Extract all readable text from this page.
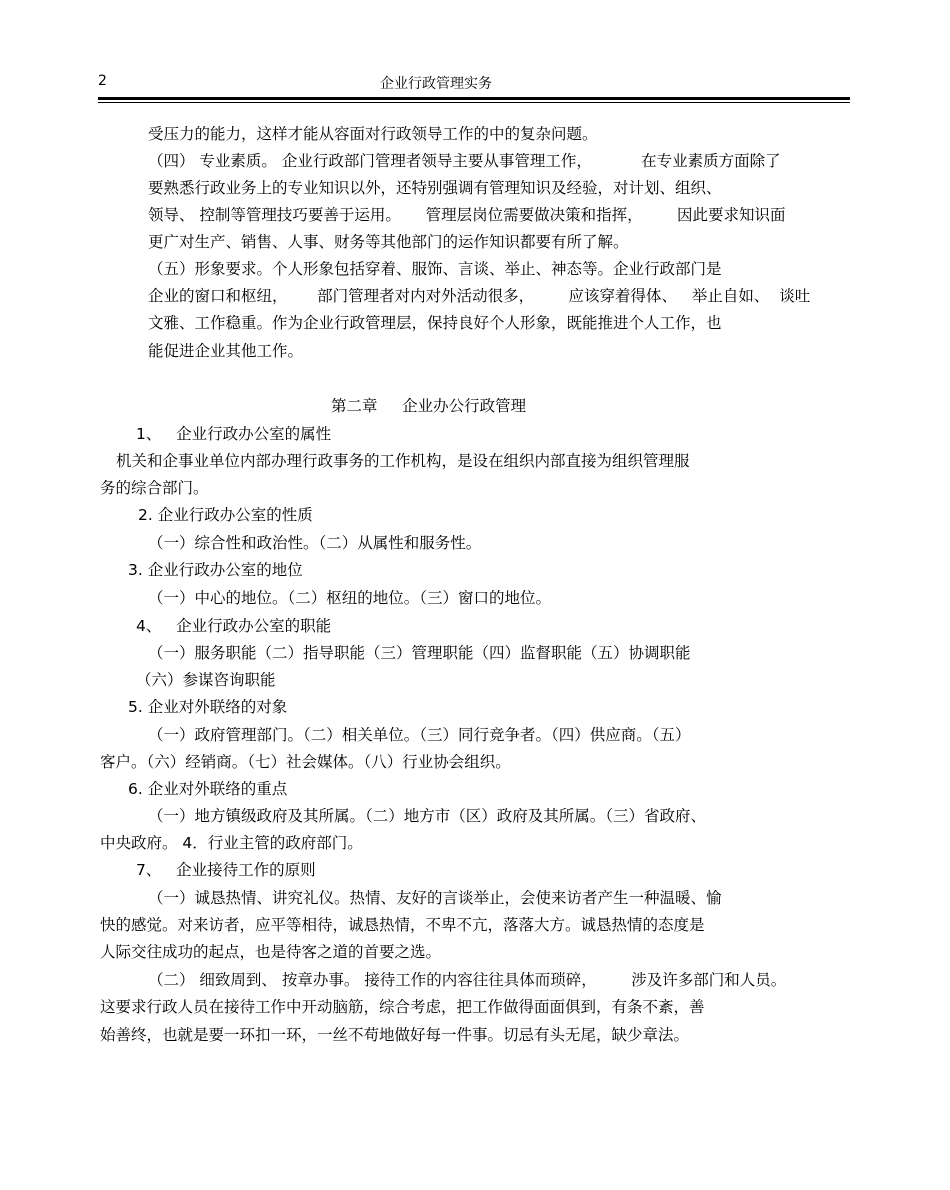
2	企业行政管理实务
受压力的能力，这样才能从容面对行政领导工作的中的复杂问题。
（四） 专业素质。 企业行政部门管理者领导主要从事管理工作，          在专业素质方面除了
要熟悉行政业务上的专业知识以外，还特别强调有管理知识及经验，对计划、组织、
领导、 控制等管理技巧要善于运用。     管理层岗位需要做决策和指挥，       因此要求知识面
更广对生产、销售、人事、财务等其他部门的运作知识都要有所了解。
（五）形象要求。个人形象包括穿着、服饰、言谈、举止、神态等。企业行政部门是
企业的窗口和枢纽，      部门管理者对内对外活动很多，       应该穿着得体、   举止自如、  谈吐
文雅、工作稳重。作为企业行政管理层，保持良好个人形象，既能推进个人工作，也
能促进企业其他工作。
第二章     企业办公行政管理
1、   企业行政办公室的属性
机关和企事业单位内部办理行政事务的工作机构，是设在组织内部直接为组织管理服
务的综合部门。
2. 企业行政办公室的性质
（一）综合性和政治性。（二）从属性和服务性。
3. 企业行政办公室的地位
（一）中心的地位。（二）枢纽的地位。（三）窗口的地位。
4、   企业行政办公室的职能
（一）服务职能（二）指导职能（三）管理职能（四）监督职能（五）协调职能
（六）参谋咨询职能
5. 企业对外联络的对象
（一）政府管理部门。（二）相关单位。（三）同行竞争者。（四）供应商。（五）
客户。（六）经销商。（七）社会媒体。（八）行业协会组织。
6. 企业对外联络的重点
（一）地方镇级政府及其所属。（二）地方市（区）政府及其所属。（三）省政府、
中央政府。 4．行业主管的政府部门。
7、   企业接待工作的原则
（一）诚恳热情、讲究礼仪。热情、友好的言谈举止，会使来访者产生一种温暖、愉
快的感觉。对来访者，应平等相待，诚恳热情，不卑不亢，落落大方。诚恳热情的态度是
人际交往成功的起点，也是待客之道的首要之选。
（二） 细致周到、 按章办事。 接待工作的内容往往具体而琐碎，       涉及许多部门和人员。
这要求行政人员在接待工作中开动脑筋，综合考虑，把工作做得面面俱到，有条不紊，善
始善终，也就是要一环扣一环，一丝不苟地做好每一件事。切忌有头无尾，缺少章法。
